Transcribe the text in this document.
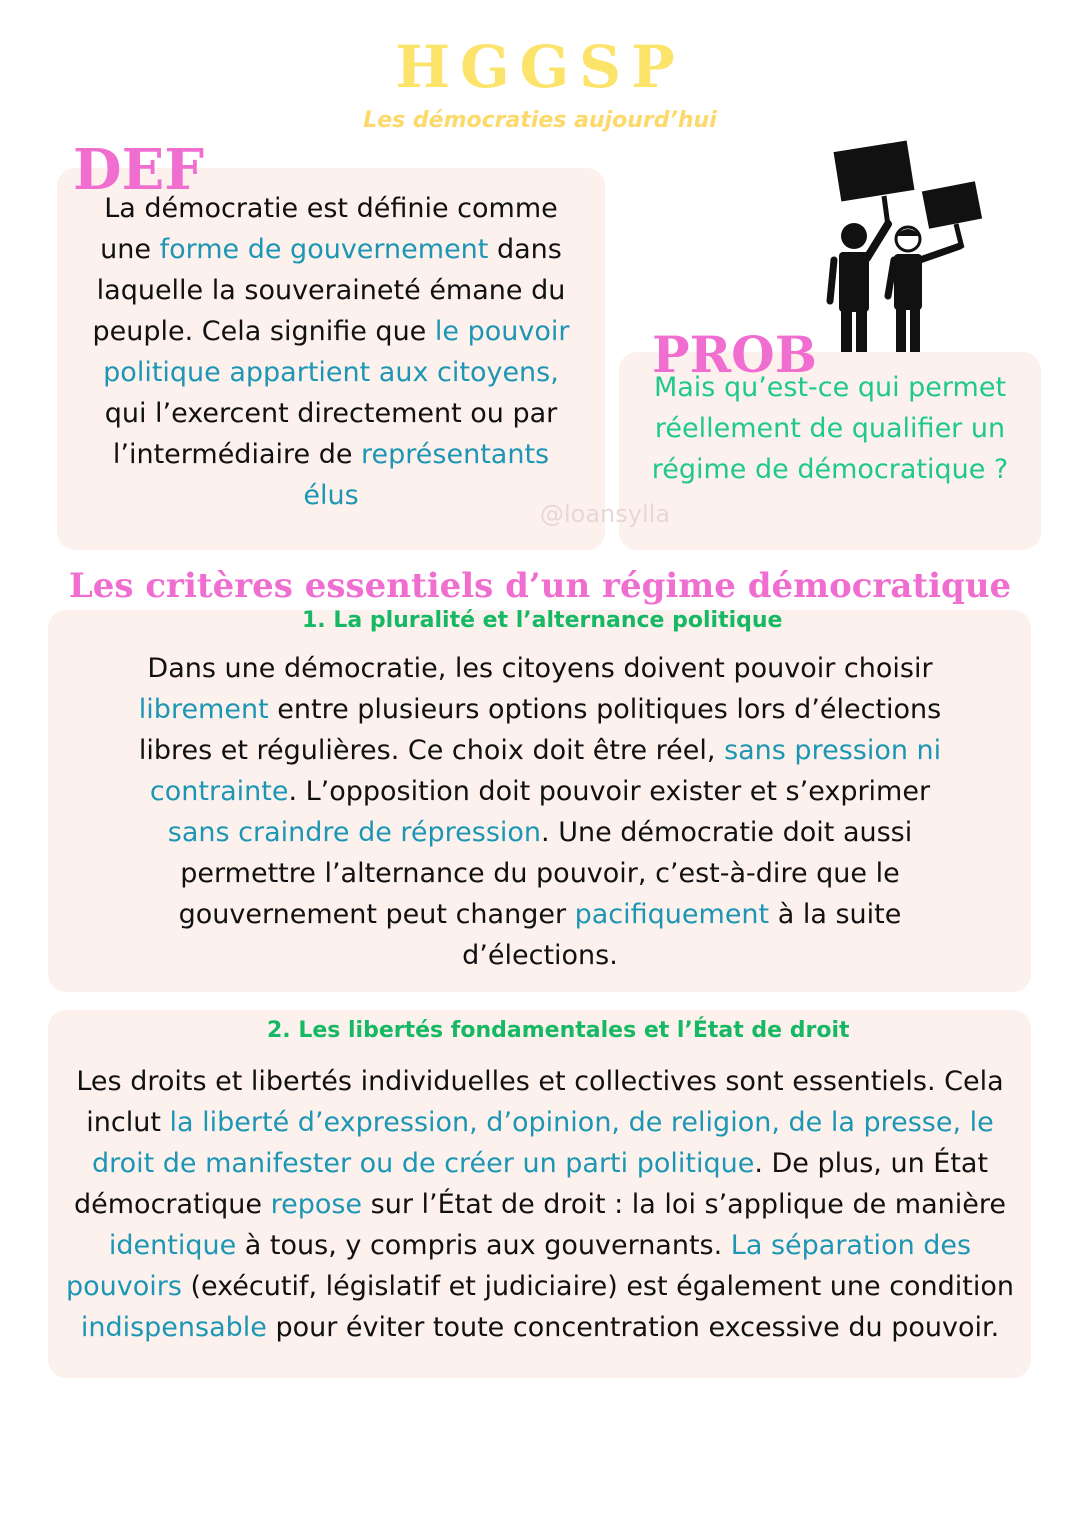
HGGSP
Les démocraties aujourd’hui
DEF
La démocratie est définie comme une forme de gouvernement dans laquelle la souveraineté émane du peuple. Cela signifie que le pouvoir politique appartient aux citoyens, qui l’exercent directement ou par l’intermédiaire de représentants élus
PROB
Mais qu’est-ce qui permet réellement de qualifier un régime de démocratique ?
@loansylla
Les critères essentiels d’un régime démocratique
1. La pluralité et l’alternance politique
Dans une démocratie, les citoyens doivent pouvoir choisir librement entre plusieurs options politiques lors d’élections libres et régulières. Ce choix doit être réel, sans pression ni contrainte. L’opposition doit pouvoir exister et s’exprimer sans craindre de répression. Une démocratie doit aussi permettre l’alternance du pouvoir, c’est-à-dire que le gouvernement peut changer pacifiquement à la suite d’élections.
2. Les libertés fondamentales et l’État de droit
Les droits et libertés individuelles et collectives sont essentiels. Cela inclut la liberté d’expression, d’opinion, de religion, de la presse, le droit de manifester ou de créer un parti politique. De plus, un État démocratique repose sur l’État de droit : la loi s’applique de manière identique à tous, y compris aux gouvernants. La séparation des pouvoirs (exécutif, législatif et judiciaire) est également une condition indispensable pour éviter toute concentration excessive du pouvoir.
